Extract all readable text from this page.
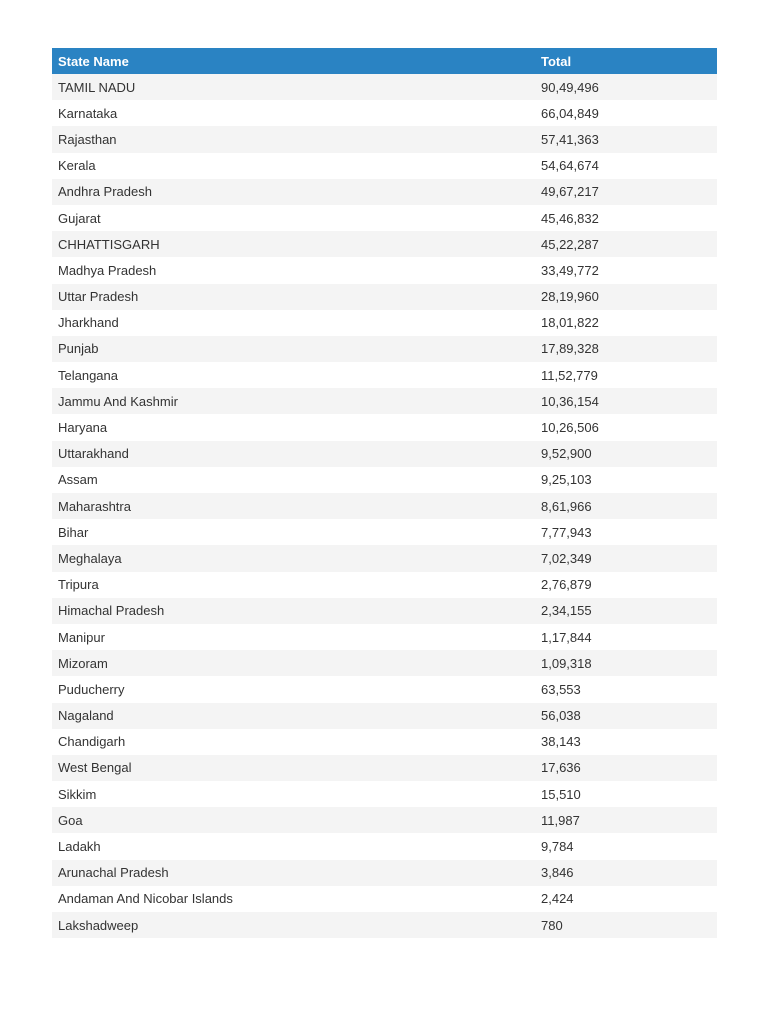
State Name	Total
TAMIL NADU	90,49,496
Karnataka	66,04,849
Rajasthan	57,41,363
Kerala	54,64,674
Andhra Pradesh	49,67,217
Gujarat	45,46,832
CHHATTISGARH	45,22,287
Madhya Pradesh	33,49,772
Uttar Pradesh	28,19,960
Jharkhand	18,01,822
Punjab	17,89,328
Telangana	11,52,779
Jammu And Kashmir	10,36,154
Haryana	10,26,506
Uttarakhand	9,52,900
Assam	9,25,103
Maharashtra	8,61,966
Bihar	7,77,943
Meghalaya	7,02,349
Tripura	2,76,879
Himachal Pradesh	2,34,155
Manipur	1,17,844
Mizoram	1,09,318
Puducherry	63,553
Nagaland	56,038
Chandigarh	38,143
West Bengal	17,636
Sikkim	15,510
Goa	11,987
Ladakh	9,784
Arunachal Pradesh	3,846
Andaman And Nicobar Islands	2,424
Lakshadweep	780
